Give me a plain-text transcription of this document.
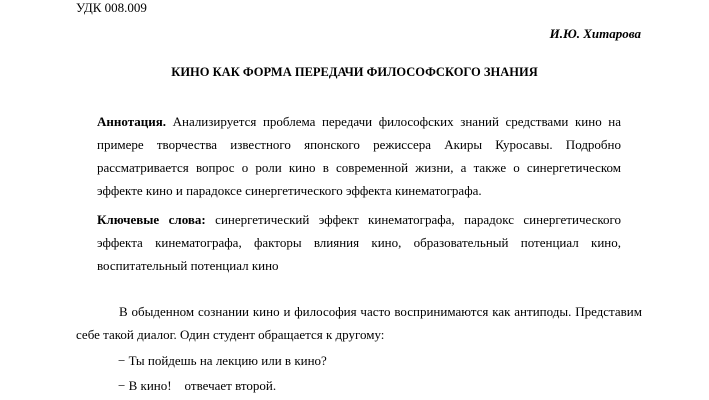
УДК 008.009
И.Ю. Хитарова
КИНО КАК ФОРМА ПЕРЕДАЧИ ФИЛОСОФСКОГО ЗНАНИЯ
Аннотация. Анализируется проблема передачи философских знаний средствами кино на примере творчества известного японского режиссера Акиры Куросавы. Подробно рассматривается вопрос о роли кино в современной жизни, а также о синергетическом эффекте кино и парадоксе синергетического эффекта кинематографа.
Ключевые слова: синергетический эффект кинематографа, парадокс синергетического эффекта кинематографа, факторы влияния кино, образовательный потенциал кино, воспитательный потенциал кино
В обыденном сознании кино и философия часто воспринимаются как антиподы. Представим себе такой диалог. Один студент обращается к другому:
− Ты пойдешь на лекцию или в кино?
− В кино!    отвечает второй.
